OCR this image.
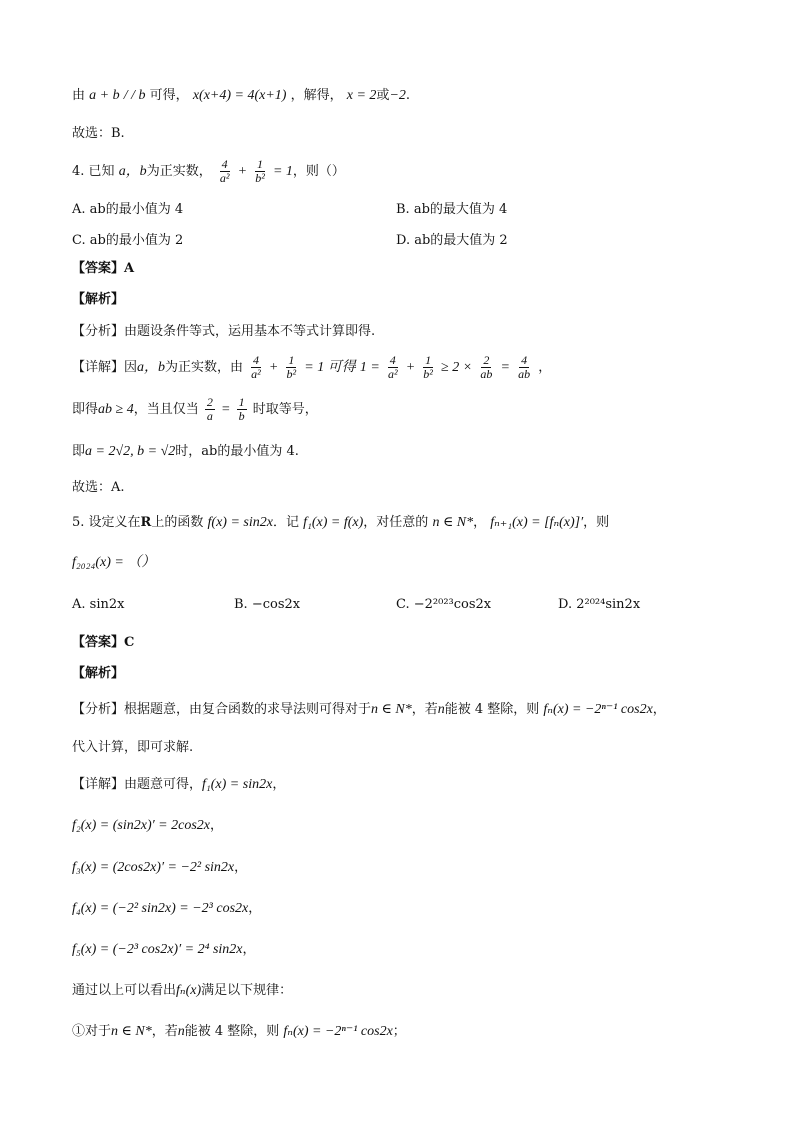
由 a + b / / b 可得， x(x+4) = 4(x+1) ，解得， x = 2或−2.
故选：B.
4. 已知 a，b为正实数， $\frac{4}{\text{a²}} + \frac{1}{\text{b²}} = 1$，则（）
A. ab的最小值为 4	B. ab的最大值为 4
C. ab的最小值为 2	D. ab的最大值为 2
【答案】A
【解析】
【分析】由题设条件等式，运用基本不等式计算即得.
【详解】因a，b为正实数，由 $\frac{4}{\text{a²}} + \frac{1}{\text{b²}} = 1$ 可得 $1 = \frac{4}{\text{a²}} + \frac{1}{\text{b²}} \ge 2 \times \frac{2}{ab} = \frac{4}{ab}$ ，
即得ab ≥ 4，当且仅当 $\frac{2}{a} = \frac{1}{b}$ 时取等号，
即a = 2√2, b = √2时，ab的最小值为 4.
故选：A.
5. 设定义在R上的函数 f(x) = sin2x．记 f₁(x) = f(x)，对任意的 n ∈ N*， fₙ₊₁(x) = [fₙ(x)]′，则
f₂₀₂₄(x) = （）
A. sin2x	B. −cos2x	C. −2²⁰²³cos2x	D. 2²⁰²⁴sin2x
【答案】C
【解析】
【分析】根据题意，由复合函数的求导法则可得对于n ∈ N*，若n能被 4 整除，则 fₙ(x) = −2ⁿ⁻¹ cos2x，
代入计算，即可求解.
【详解】由题意可得，f₁(x) = sin2x，
f₂(x) = (sin2x)′ = 2cos2x，
f₃(x) = (2cos2x)′ = −2² sin2x，
f₄(x) = (−2² sin2x) = −2³ cos2x，
f₅(x) = (−2³ cos2x)′ = 2⁴ sin2x，
通过以上可以看出fₙ(x)满足以下规律：
①对于n ∈ N*，若n能被 4 整除，则 fₙ(x) = −2ⁿ⁻¹ cos2x；
